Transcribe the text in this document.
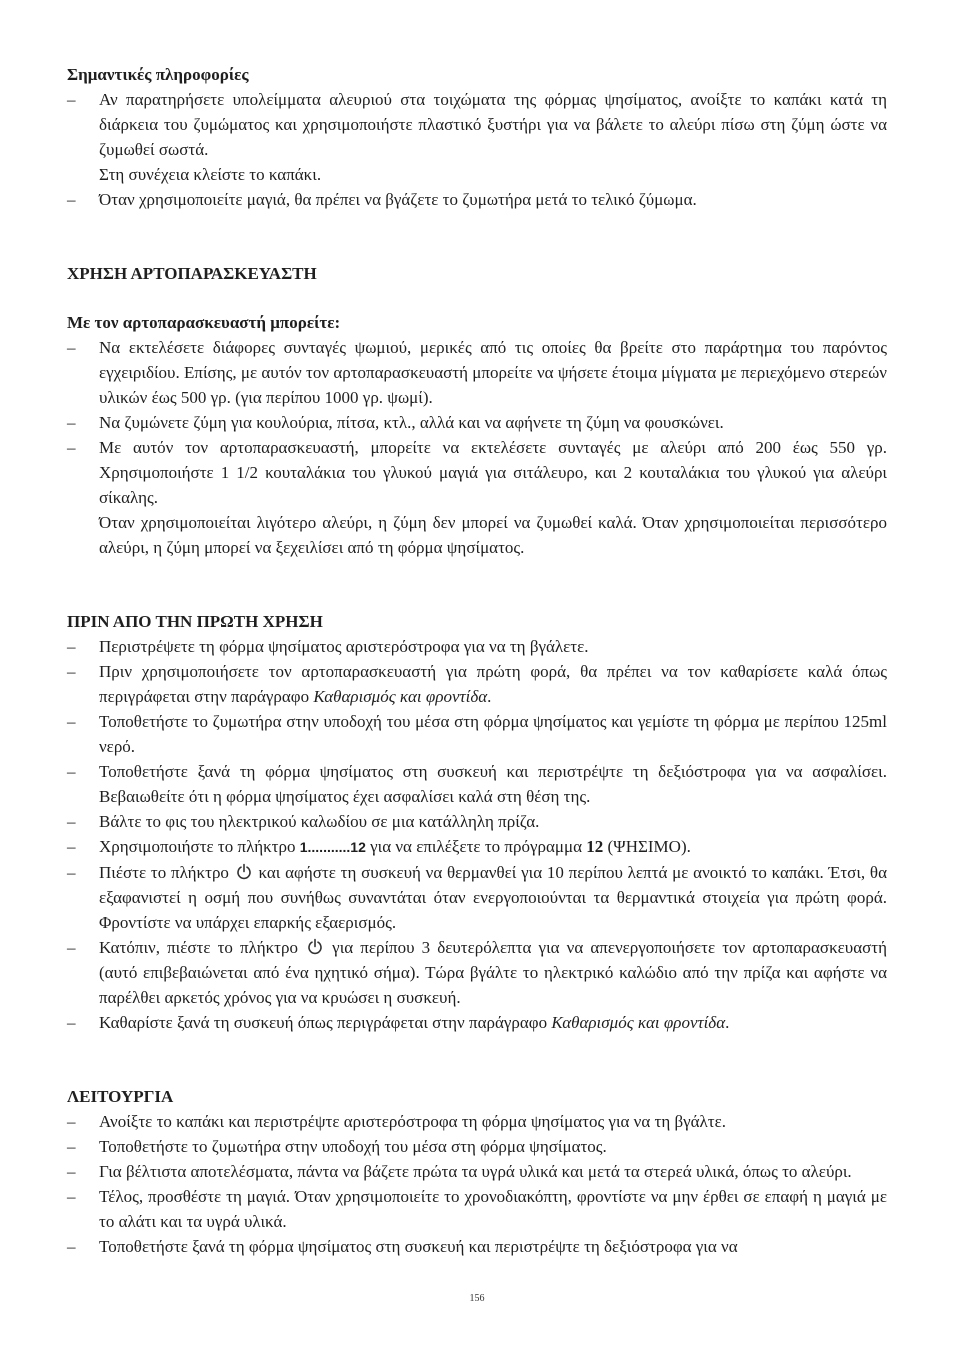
Σημαντικές πληροφορίες

– Αν παρατηρήσετε υπολείμματα αλευριού στα τοιχώματα της φόρμας ψησίματος, ανοίξτε το καπάκι κατά τη διάρκεια του ζυμώματος και χρησιμοποιήστε πλαστικό ξυστήρι για να βάλετε το αλεύρι πίσω στη ζύμη ώστε να ζυμωθεί σωστά.

Στη συνέχεια κλείστε το καπάκι.

– Όταν χρησιμοποιείτε μαγιά, θα πρέπει να βγάζετε το ζυμωτήρα μετά το τελικό ζύμωμα.

ΧΡΗΣΗ ΑΡΤΟΠΑΡΑΣΚΕΥΑΣΤΗ

Με τον αρτοπαρασκευαστή μπορείτε:

– Να εκτελέσετε διάφορες συνταγές ψωμιού, μερικές από τις οποίες θα βρείτε στο παράρτημα του παρόντος εγχειριδίου. Επίσης, με αυτόν τον αρτοπαρασκευαστή μπορείτε να ψήσετε έτοιμα μίγματα με περιεχόμενο στερεών υλικών έως 500 γρ. (για περίπου 1000 γρ. ψωμί).

– Να ζυμώνετε ζύμη για κουλούρια, πίτσα, κτλ., αλλά και να αφήνετε τη ζύμη να φουσκώνει.

– Με αυτόν τον αρτοπαρασκευαστή, μπορείτε να εκτελέσετε συνταγές με αλεύρι από 200 έως 550 γρ. Χρησιμοποιήστε 1 1/2 κουταλάκια του γλυκού μαγιά για σιτάλευρο, και 2 κουταλάκια του γλυκού για αλεύρι σίκαλης.

Όταν χρησιμοποιείται λιγότερο αλεύρι, η ζύμη δεν μπορεί να ζυμωθεί καλά. Όταν χρησιμοποιείται περισσότερο αλεύρι, η ζύμη μπορεί να ξεχειλίσει από τη φόρμα ψησίματος.

ΠΡΙΝ ΑΠΟ ΤΗΝ ΠΡΩΤΗ ΧΡΗΣΗ

– Περιστρέψετε τη φόρμα ψησίματος αριστερόστροφα για να τη βγάλετε.

– Πριν χρησιμοποιήσετε τον αρτοπαρασκευαστή για πρώτη φορά, θα πρέπει να τον καθαρίσετε καλά όπως περιγράφεται στην παράγραφο Καθαρισμός και φροντίδα.

– Τοποθετήστε το ζυμωτήρα στην υποδοχή του μέσα στη φόρμα ψησίματος και γεμίστε τη φόρμα με περίπου 125ml νερό.

– Τοποθετήστε ξανά τη φόρμα ψησίματος στη συσκευή και περιστρέψτε τη δεξιόστροφα για να ασφαλίσει. Βεβαιωθείτε ότι η φόρμα ψησίματος έχει ασφαλίσει καλά στη θέση της.

– Βάλτε το φις του ηλεκτρικού καλωδίου σε μια κατάλληλη πρίζα.

– Χρησιμοποιήστε το πλήκτρο 1...........12 για να επιλέξετε το πρόγραμμα 12 (ΨΗΣΙΜΟ).

– Πιέστε το πλήκτρο  και αφήστε τη συσκευή να θερμανθεί για 10 περίπου λεπτά με ανοικτό το καπάκι. Έτσι, θα εξαφανιστεί η οσμή που συνήθως συναντάται όταν ενεργοποιούνται τα θερμαντικά στοιχεία για πρώτη φορά. Φροντίστε να υπάρχει επαρκής εξαερισμός.

– Κατόπιν, πιέστε το πλήκτρο  για περίπου 3 δευτερόλεπτα για να απενεργοποιήσετε τον αρτοπαρασκευαστή (αυτό επιβεβαιώνεται από ένα ηχητικό σήμα). Τώρα βγάλτε το ηλεκτρικό καλώδιο από την πρίζα και αφήστε να παρέλθει αρκετός χρόνος για να κρυώσει η συσκευή.

– Καθαρίστε ξανά τη συσκευή όπως περιγράφεται στην παράγραφο Καθαρισμός και φροντίδα.

ΛΕΙΤΟΥΡΓΙΑ

– Ανοίξτε το καπάκι και περιστρέψτε αριστερόστροφα τη φόρμα ψησίματος για να τη βγάλτε.

– Τοποθετήστε το ζυμωτήρα στην υποδοχή του μέσα στη φόρμα ψησίματος.

– Για βέλτιστα αποτελέσματα, πάντα να βάζετε πρώτα τα υγρά υλικά και μετά τα στερεά υλικά, όπως το αλεύρι.

– Τέλος, προσθέστε τη μαγιά. Όταν χρησιμοποιείτε το χρονοδιακόπτη, φροντίστε να μην έρθει σε επαφή η μαγιά με το αλάτι και τα υγρά υλικά.

– Τοποθετήστε ξανά τη φόρμα ψησίματος στη συσκευή και περιστρέψτε τη δεξιόστροφα για να

156
